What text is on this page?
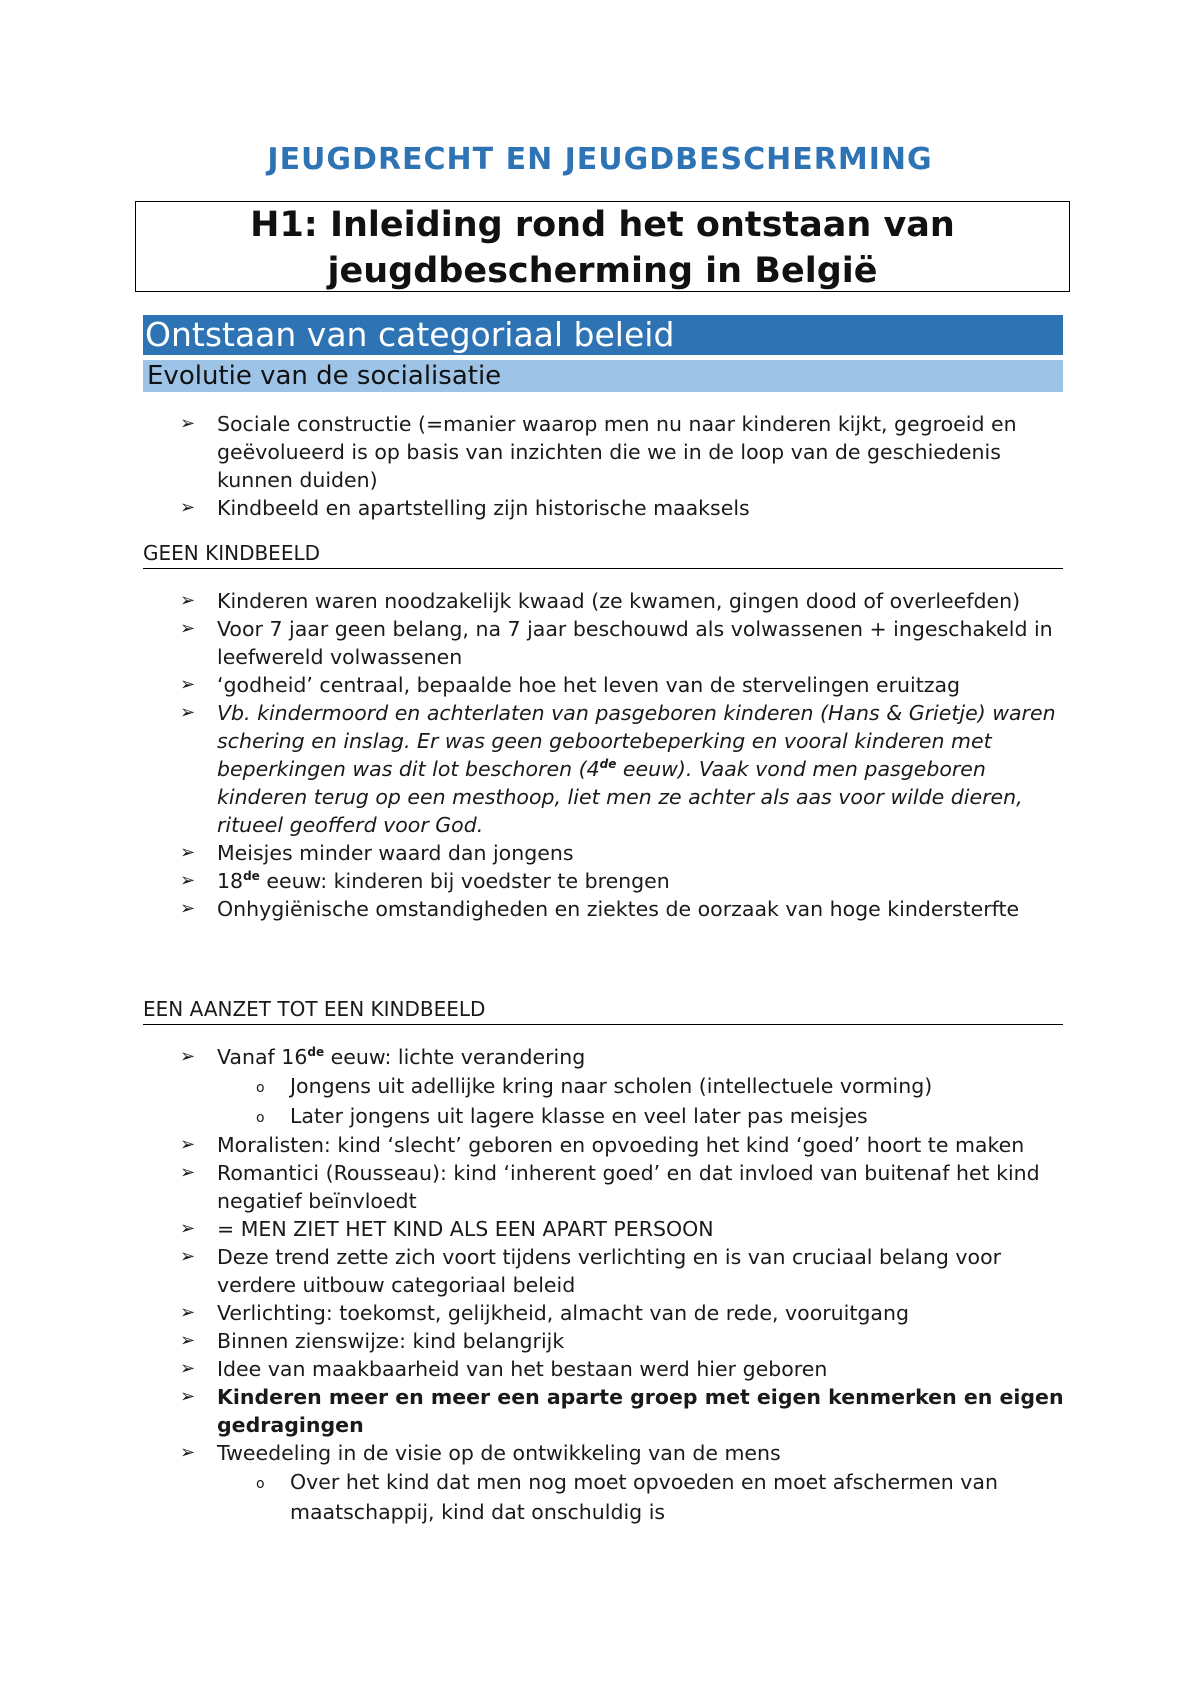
JEUGDRECHT EN JEUGDBESCHERMING
H1: Inleiding rond het ontstaan van
jeugdbescherming in België
Ontstaan van categoriaal beleid
Evolutie van de socialisatie
➢ Sociale constructie (=manier waarop men nu naar kinderen kijkt, gegroeid en geëvolueerd is op basis van inzichten die we in de loop van de geschiedenis kunnen duiden)
➢ Kindbeeld en apartstelling zijn historische maaksels
GEEN KINDBEELD
➢ Kinderen waren noodzakelijk kwaad (ze kwamen, gingen dood of overleefden)
➢ Voor 7 jaar geen belang, na 7 jaar beschouwd als volwassenen + ingeschakeld in leefwereld volwassenen
➢ ‘godheid’ centraal, bepaalde hoe het leven van de stervelingen eruitzag
➢ Vb. kindermoord en achterlaten van pasgeboren kinderen (Hans & Grietje) waren schering en inslag. Er was geen geboortebeperking en vooral kinderen met beperkingen was dit lot beschoren (4de eeuw). Vaak vond men pasgeboren kinderen terug op een mesthoop, liet men ze achter als aas voor wilde dieren, ritueel geofferd voor God.
➢ Meisjes minder waard dan jongens
➢ 18de eeuw: kinderen bij voedster te brengen
➢ Onhygiënische omstandigheden en ziektes de oorzaak van hoge kindersterfte
EEN AANZET TOT EEN KINDBEELD
➢ Vanaf 16de eeuw: lichte verandering
o Jongens uit adellijke kring naar scholen (intellectuele vorming)
o Later jongens uit lagere klasse en veel later pas meisjes
➢ Moralisten: kind ‘slecht’ geboren en opvoeding het kind ‘goed’ hoort te maken
➢ Romantici (Rousseau): kind ‘inherent goed’ en dat invloed van buitenaf het kind negatief beïnvloedt
➢ = MEN ZIET HET KIND ALS EEN APART PERSOON
➢ Deze trend zette zich voort tijdens verlichting en is van cruciaal belang voor verdere uitbouw categoriaal beleid
➢ Verlichting: toekomst, gelijkheid, almacht van de rede, vooruitgang
➢ Binnen zienswijze: kind belangrijk
➢ Idee van maakbaarheid van het bestaan werd hier geboren
➢ Kinderen meer en meer een aparte groep met eigen kenmerken en eigen gedragingen
➢ Tweedeling in de visie op de ontwikkeling van de mens
o Over het kind dat men nog moet opvoeden en moet afschermen van maatschappij, kind dat onschuldig is
